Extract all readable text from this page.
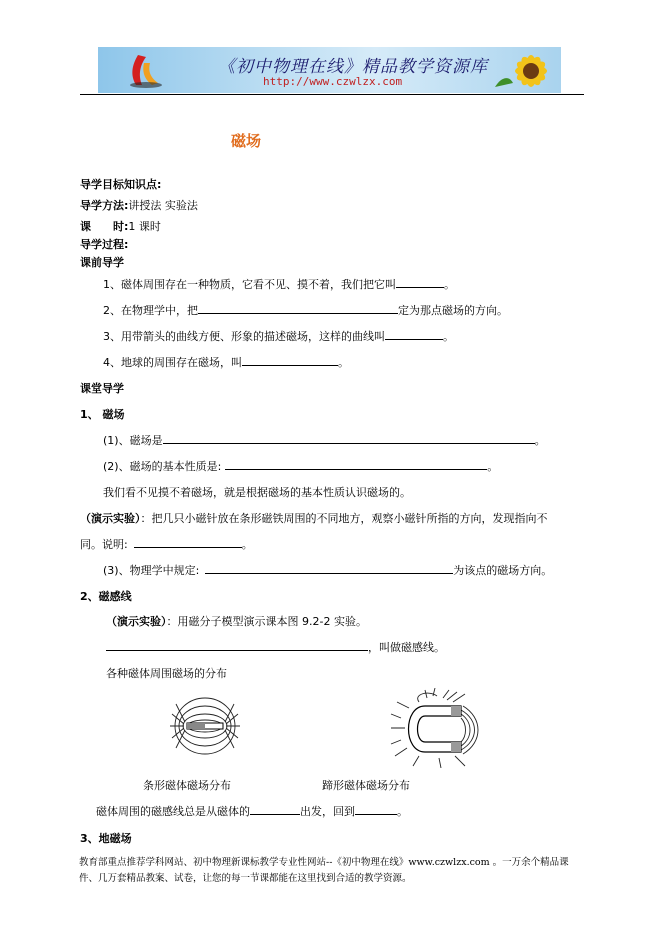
《初中物理在线》精品教学资源库
http://www.czwlzx.com
磁场
导学目标知识点:
导学方法:讲授法 实验法
课　　时:1 课时
导学过程:
课前导学
1、磁体周围存在一种物质，它看不见、摸不着，我们把它叫	。
2、在物理学中，把	定为那点磁场的方向。
3、用带箭头的曲线方便、形象的描述磁场，这样的曲线叫	。
4、地球的周围存在磁场，叫	。
课堂导学
1、 磁场
(1)、磁场是	。
(2)、磁场的基本性质是:	。
我们看不见摸不着磁场，就是根据磁场的基本性质认识磁场的。
（演示实验）：把几只小磁针放在条形磁铁周围的不同地方，观察小磁针所指的方向，发现指向不
同。说明:	。
(3)、物理学中规定:	为该点的磁场方向。
2、磁感线
（演示实验）：用磁分子模型演示课本图 9.2-2 实验。
，叫做磁感线。
各种磁体周围磁场的分布
条形磁体磁场分布	蹄形磁体磁场分布
磁体周围的磁感线总是从磁体的	出发，回到	。
3、地磁场
教育部重点推荐学科网站、初中物理新课标教学专业性网站--《初中物理在线》www.czwlzx.com 。一万余个精品课
件、几万套精品教案、试卷，让您的每一节课都能在这里找到合适的教学资源。
